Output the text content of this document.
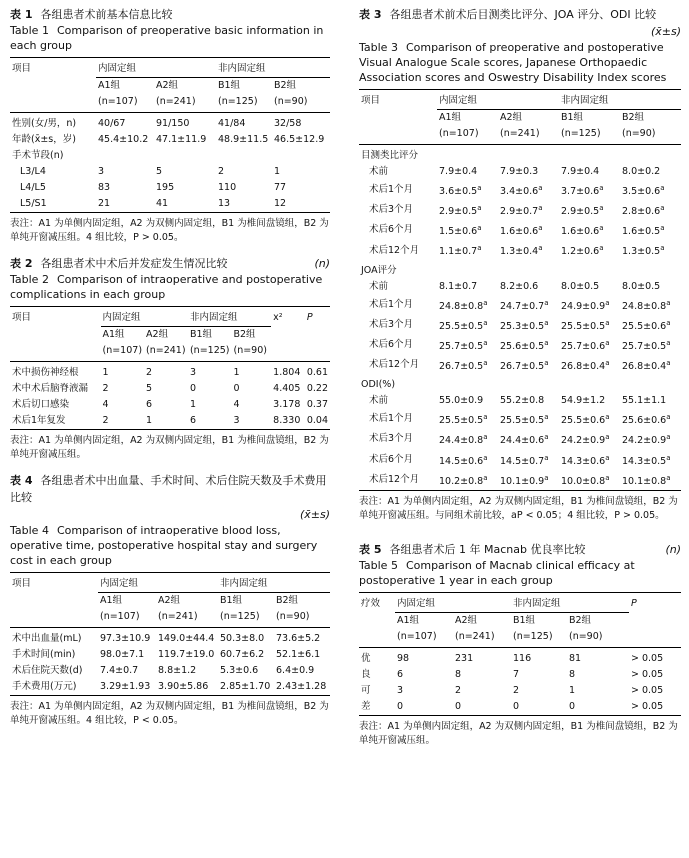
表 1 各组患者术前基本信息比较
Table 1 Comparison of preoperative basic information in each group
项目	内固定组		非内固定组	
	A1组	A2组	B1组	B2组
	(n=107)	(n=241)	(n=125)	(n=90)
性别(女/男，n)	40/67	91/150	41/84	32/58
年龄(x̄±s，岁)	45.4±10.2	47.1±11.9	48.9±11.5	46.5±12.9
手术节段(n)				
L3/L4	3	5	2	1
L4/L5	83	195	110	77
L5/S1	21	41	13	12
表注：A1 为单侧内固定组，A2 为双侧内固定组，B1 为椎间盘镜组，B2 为单纯开窗减压组。4 组比较，P > 0.05。
表 2 各组患者术中术后并发症发生情况比较	(n)
Table 2 Comparison of intraoperative and postoperative complications in each group
项目	内固定组		非内固定组		x²	P
	A1组	A2组	B1组	B2组		
	(n=107)	(n=241)	(n=125)	(n=90)		
术中损伤神经根	1	2	3	1	1.804	0.61
术中术后脑脊液漏	2	5	0	0	4.405	0.22
术后切口感染	4	6	1	4	3.178	0.37
术后1年复发	2	1	6	3	8.330	0.04
表注：A1 为单侧内固定组，A2 为双侧内固定组，B1 为椎间盘镜组，B2 为单纯开窗减压组。
表 4 各组患者术中出血量、手术时间、术后住院天数及手术费用比较
(x̄±s)
Table 4 Comparison of intraoperative blood loss, operative time, postoperative hospital stay and surgery cost in each group
项目	内固定组		非内固定组	
	A1组	A2组	B1组	B2组
	(n=107)	(n=241)	(n=125)	(n=90)
术中出血量(mL)	97.3±10.9	149.0±44.4	50.3±8.0	73.6±5.2
手术时间(min)	98.0±7.1	119.7±19.0	60.7±6.2	52.1±6.1
术后住院天数(d)	7.4±0.7	8.8±1.2	5.3±0.6	6.4±0.9
手术费用(万元)	3.29±1.93	3.90±5.86	2.85±1.70	2.43±1.28
表注：A1 为单侧内固定组，A2 为双侧内固定组，B1 为椎间盘镜组，B2 为单纯开窗减压组。4 组比较，P < 0.05。
表 3 各组患者术前术后目测类比评分、JOA 评分、ODI 比较
(x̄±s)
Table 3 Comparison of preoperative and postoperative Visual Analogue Scale scores, Japanese Orthopaedic Association scores and Oswestry Disability Index scores
项目	内固定组		非内固定组	
	A1组	A2组	B1组	B2组
	(n=107)	(n=241)	(n=125)	(n=90)
目测类比评分				
术前	7.9±0.4	7.9±0.3	7.9±0.4	8.0±0.2
术后1个月	3.6±0.5$^a$	3.4±0.6$^a$	3.7±0.6$^a$	3.5±0.6$^a$
术后3个月	2.9±0.5$^a$	2.9±0.7$^a$	2.9±0.5$^a$	2.8±0.6$^a$
术后6个月	1.5±0.6$^a$	1.6±0.6$^a$	1.6±0.6$^a$	1.6±0.5$^a$
术后12个月	1.1±0.7$^a$	1.3±0.4$^a$	1.2±0.6$^a$	1.3±0.5$^a$
JOA评分				
术前	8.1±0.7	8.2±0.6	8.0±0.5	8.0±0.5
术后1个月	24.8±0.8$^a$	24.7±0.7$^a$	24.9±0.9$^a$	24.8±0.8$^a$
术后3个月	25.5±0.5$^a$	25.3±0.5$^a$	25.5±0.5$^a$	25.5±0.6$^a$
术后6个月	25.7±0.5$^a$	25.6±0.5$^a$	25.7±0.6$^a$	25.7±0.5$^a$
术后12个月	26.7±0.5$^a$	26.7±0.5$^a$	26.8±0.4$^a$	26.8±0.4$^a$
ODI(%)				
术前	55.0±0.9	55.2±0.8	54.9±1.2	55.1±1.1
术后1个月	25.5±0.5$^a$	25.5±0.5$^a$	25.5±0.6$^a$	25.6±0.6$^a$
术后3个月	24.4±0.8$^a$	24.4±0.6$^a$	24.2±0.9$^a$	24.2±0.9$^a$
术后6个月	14.5±0.6$^a$	14.5±0.7$^a$	14.3±0.6$^a$	14.3±0.5$^a$
术后12个月	10.2±0.8$^a$	10.1±0.9$^a$	10.0±0.8$^a$	10.1±0.8$^a$
表注：A1 为单侧内固定组，A2 为双侧内固定组，B1 为椎间盘镜组，B2 为单纯开窗减压组。与同组术前比较，aP < 0.05；4 组比较，P > 0.05。
表 5 各组患者术后 1 年 Macnab 优良率比较	(n)
Table 5 Comparison of Macnab clinical efficacy at postoperative 1 year in each group
疗效	内固定组		非内固定组		P
	A1组	A2组	B1组	B2组	
	(n=107)	(n=241)	(n=125)	(n=90)	
优	98	231	116	81	> 0.05
良	6	8	7	8	> 0.05
可	3	2	2	1	> 0.05
差	0	0	0	0	> 0.05
表注：A1 为单侧内固定组，A2 为双侧内固定组，B1 为椎间盘镜组，B2 为单纯开窗减压组。
